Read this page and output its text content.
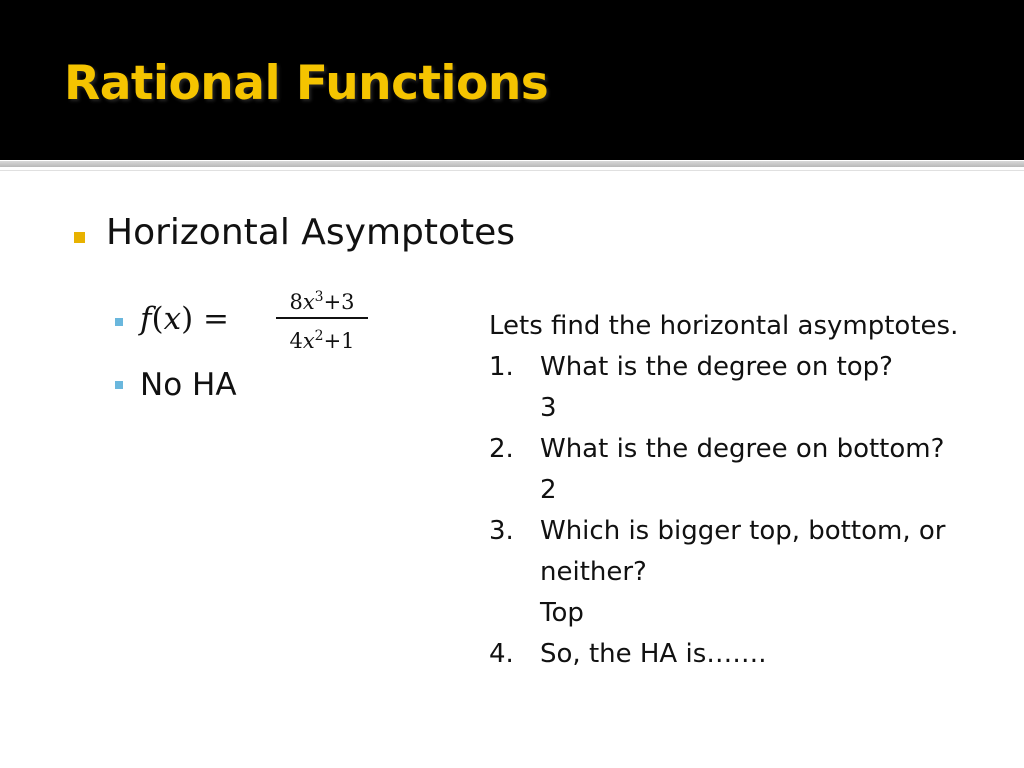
Rational Functions
Horizontal Asymptotes
f(x) =	$8x^3+3$
$4x^2+1$
No HA
Lets find the horizontal asymptotes.
1. What is the degree on top?
3
2. What is the degree on bottom?
2
3. Which is bigger top, bottom, or neither?
Top
4. So, the HA is…….
